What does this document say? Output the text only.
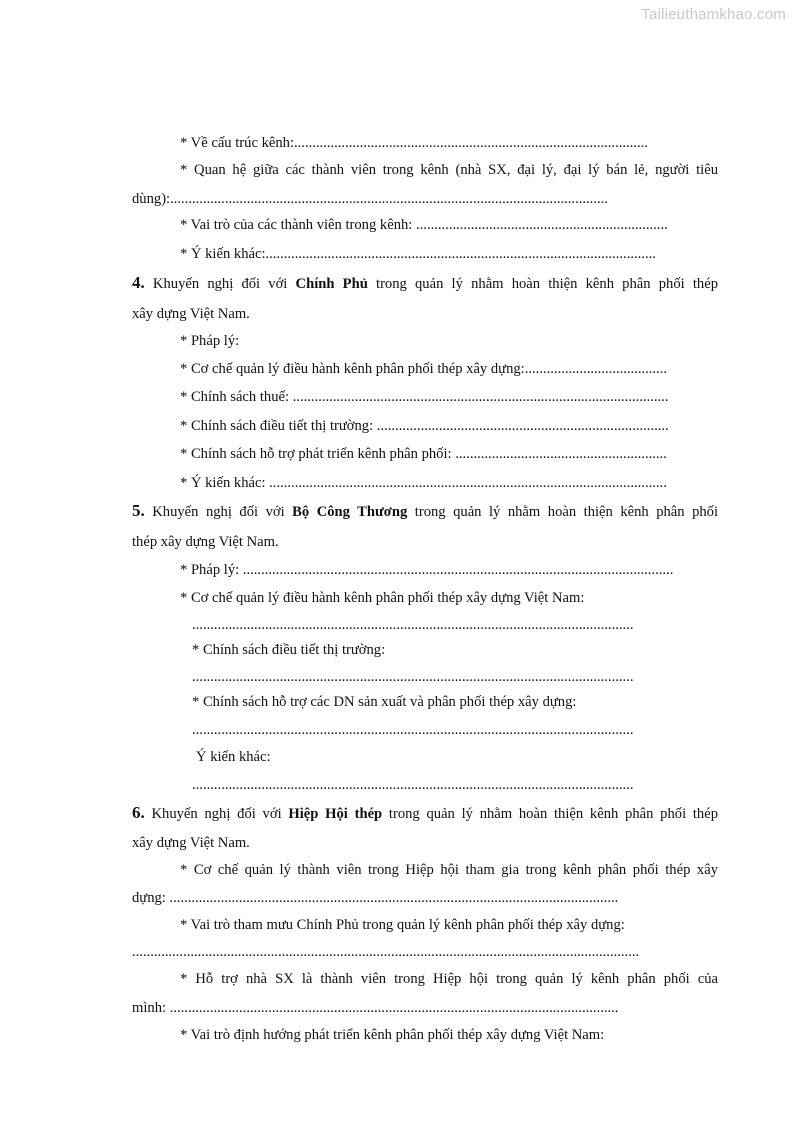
Tailieuthamkhao.com
* Về cấu trúc kênh:.................................................................................................
* Quan hệ giữa các thành viên trong kênh (nhà SX, đại lý, đại lý bán lẻ, người tiêu
dùng):........................................................................................................................
* Vai trò của các thành viên trong kênh: .....................................................................
* Ý kiến khác:...........................................................................................................
4. Khuyến nghị đối với Chính Phủ trong quản lý nhằm hoàn thiện kênh phân phối thép
xây dựng Việt Nam.
* Pháp lý:
* Cơ chế quản lý điều hành kênh phân phối thép xây dựng:.......................................
* Chính sách thuế: .......................................................................................................
* Chính sách điều tiết thị trường: ................................................................................
* Chính sách hỗ trợ phát triển kênh phân phối: ..........................................................
* Ý kiến khác: .............................................................................................................
5. Khuyến nghị đối với Bộ Công Thương trong quản lý nhằm hoàn thiện kênh phân phối
thép xây dựng Việt Nam.
* Pháp lý: ......................................................................................................................
* Cơ chế quản lý điều hành kênh phân phối thép xây dựng Việt Nam:
.........................................................................................................................
* Chính sách điều tiết thị trường:
.........................................................................................................................
* Chính sách hỗ trợ các DN sản xuất và phân phối thép xây dựng:
.........................................................................................................................
Ý kiến khác:
.........................................................................................................................
6. Khuyến nghị đối với Hiệp Hội thép trong quản lý nhằm hoàn thiện kênh phân phối thép
xây dựng Việt Nam.
* Cơ chế quản lý thành viên trong Hiệp hội tham gia trong kênh phân phối thép xây
dựng: ...........................................................................................................................
* Vai trò tham mưu Chính Phủ trong quản lý kênh phân phối thép xây dựng:
...........................................................................................................................................
* Hỗ trợ nhà SX là thành viên trong Hiệp hội trong quản lý kênh phân phối của
mình: ...........................................................................................................................
* Vai trò định hướng phát triển kênh phân phối thép xây dựng Việt Nam:
